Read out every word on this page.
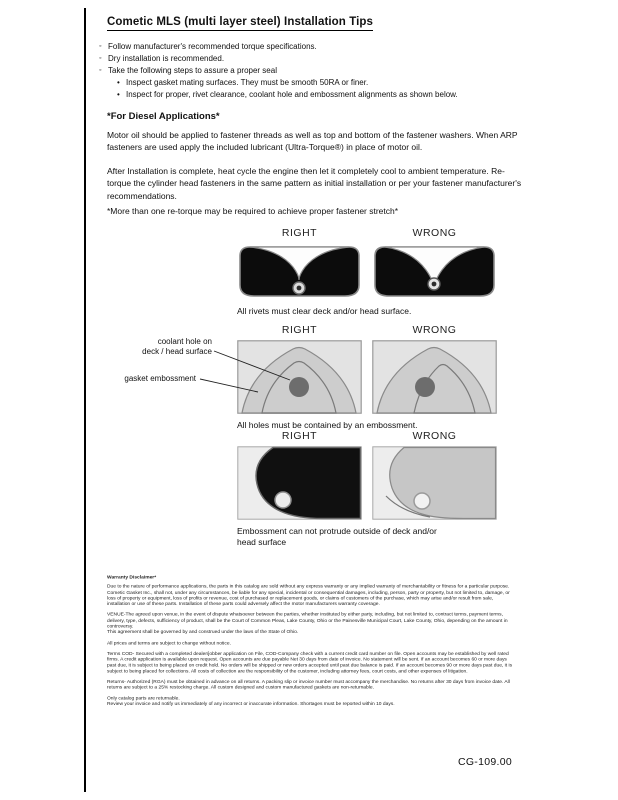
Cometic MLS (multi layer steel) Installation Tips
◦ Follow manufacturer's recommended torque specifications.
◦ Dry installation is recommended.
◦ Take the following steps to assure a proper seal
• Inspect gasket mating surfaces. They must be smooth 50RA or finer.
• Inspect for proper, rivet clearance, coolant hole and embossment alignments as shown below.
*For Diesel Applications*

Motor oil should be applied to fastener threads as well as top and bottom of the fastener washers. When ARP fasteners are used apply the included lubricant (Ultra-Torque®) in place of motor oil.

After Installation is complete, heat cycle the engine then let it completely cool to ambient temperature. Re-torque the cylinder head fasteners in the same pattern as initial installation or per your fastener manufacturer's recommendations.

*More than one re-torque may be required to achieve proper fastener stretch*
RIGHT	WRONG
All rivets must clear deck and/or head surface.
RIGHT	WRONG
All holes must be contained by an embossment.
RIGHT	WRONG
Embossment can not protrude outside of deck and/or head surface
coolant hole on
deck / head surface
gasket embossment

Warranty Disclaimer*

Due to the nature of performance applications, the parts in this catalog are sold without any express warranty or any implied warranty of merchantability or fitness for a particular purpose. Cometic Gasket Inc., shall not, under any circumstances, be liable for any special, incidental or consequential damages, including, person, party or property, but not limited to, damage, or loss of property or equipment, loss of profits or revenue, cost of purchased or replacement goods, or claims of customers of the purchase, which may arise and/or result from sale, installation or use of these parts. Installation of these parts could adversely affect the motor manufacturers warranty coverage.

VENUE-The agreed upon venue, in the event of dispute whatsoever between the parties, whether instituted by either party, including, but not limited to, contract terms, payment terms, delivery, type, defects, sufficiency of product, shall be the Court of Common Pleas, Lake County, Ohio or the Painesville Municipal Court, Lake County, Ohio, depending on the amount in controversy.

This agreement shall be governed by and construed under the laws of the State of Ohio.

All prices and terms are subject to change without notice.

Terms COD- Secured with a completed dealer/jobber application on File, COD-Company check with a current credit card number on file. Open accounts may be established by well rated firms. A credit application is available upon request. Open accounts are due payable Net 30 days from date of invoice. No statement will be sent. If an account becomes 60 or more days past due, it is subject to being placed on credit hold. No orders will be shipped or new orders accepted until past due balance is paid. If an account becomes 90 or more days past due, it is subject to being placed for collections. All costs of collection are the responsibility of the customer, including attorney fees, court costs, and other expenses of litigation.

Returns- Authorized (RGA) must be obtained in advance on all returns. A packing slip or invoice number must accompany the merchandise. No returns after 30 days from invoice date. All returns are subject to a 25% restocking charge. All custom designed and custom manufactured gaskets are non-returnable.

Only catalog parts are returnable.

Review your invoice and notify us immediately of any incorrect or inaccurate information. Shortages must be reported within 10 days.

CG-109.00
